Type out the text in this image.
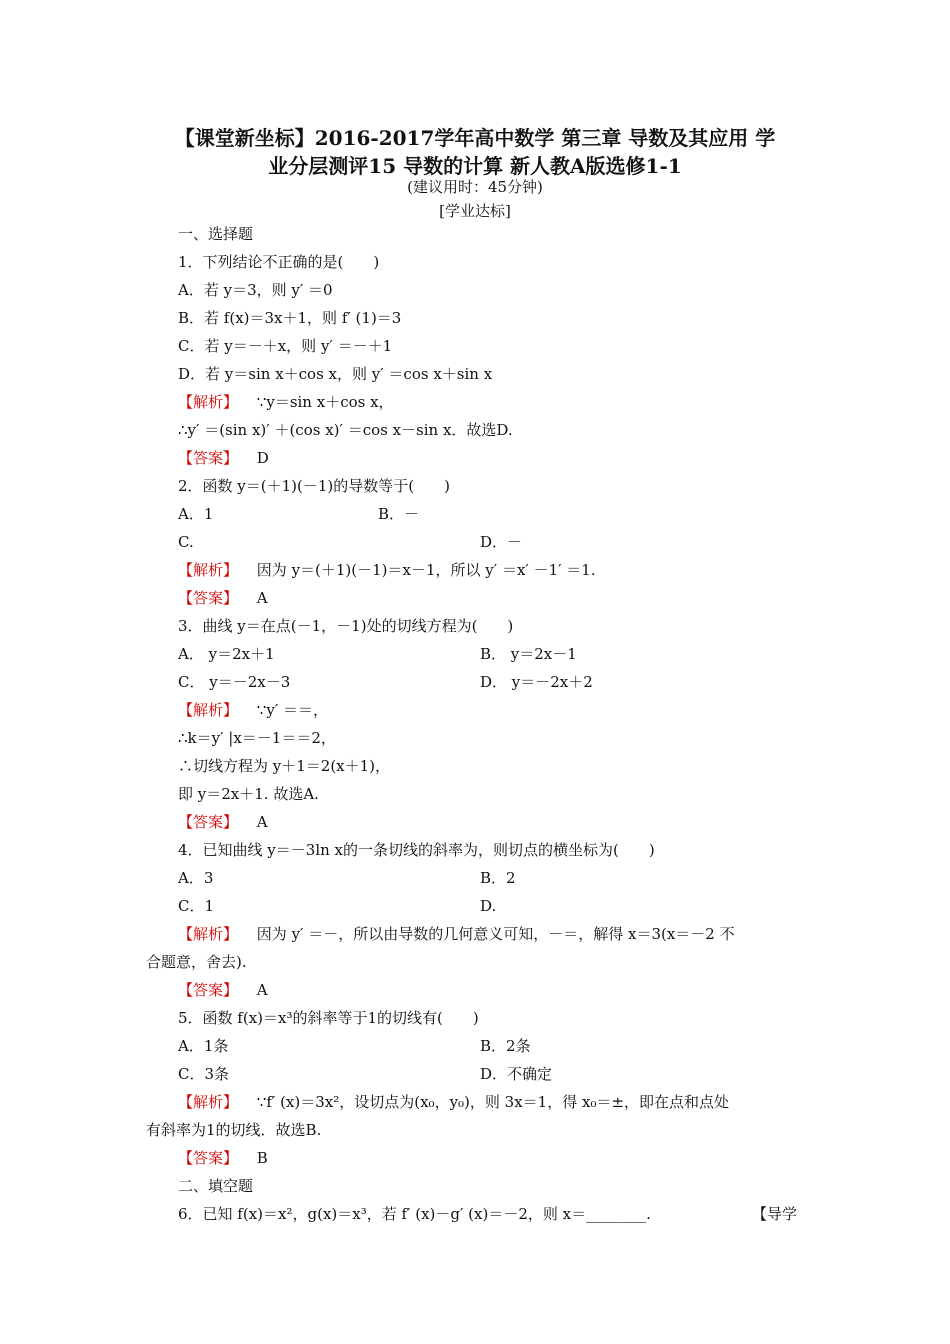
【课堂新坐标】2016-2017学年高中数学 第三章 导数及其应用 学
业分层测评15 导数的计算 新人教A版选修1-1
(建议用时：45分钟)
[学业达标]
一、选择题
1．下列结论不正确的是(　　)
A．若 y＝3，则 y′ ＝0
B．若 f(x)＝3x＋1，则 f′ (1)＝3
C．若 y＝－＋x，则 y′ ＝－＋1
D．若 y＝sin x＋cos x，则 y′ ＝cos x＋sin x
【解析】 ∵y＝sin x＋cos x，
∴y′ ＝(sin x)′ ＋(cos x)′ ＝cos x－sin x．故选D.
【答案】 D
2．函数 y＝(＋1)(－1)的导数等于(　　)
A．1	B．－
C.	D．－
【解析】 因为 y＝(＋1)(－1)＝x－1，所以 y′ ＝x′ －1′ ＝1.
【答案】 A
3．曲线 y＝在点(－1，－1)处的切线方程为(　　)
A． y＝2x＋1	B． y＝2x－1
C． y＝－2x－3	D． y＝－2x＋2
【解析】 ∵y′ ＝＝，
∴k＝y′ |x＝－1＝＝2，
∴切线方程为 y＋1＝2(x＋1)，
即 y＝2x＋1. 故选A.
【答案】 A
4．已知曲线 y＝－3ln x的一条切线的斜率为，则切点的横坐标为(　　)
A．3	B．2
C．1	D.
【解析】 因为 y′ ＝－，所以由导数的几何意义可知，－＝，解得 x＝3(x＝－2 不
合题意，舍去).
【答案】 A
5．函数 f(x)＝x³的斜率等于1的切线有(　　)
A．1条	B．2条
C．3条	D．不确定
【解析】 ∵f′ (x)＝3x²，设切点为(x₀，y₀)，则 3x＝1，得 x₀＝±，即在点和点处
有斜率为1的切线．故选B.
【答案】 B
二、填空题
6．已知 f(x)＝x²，g(x)＝x³，若 f′ (x)－g′ (x)＝－2，则 x＝________.	【导学
